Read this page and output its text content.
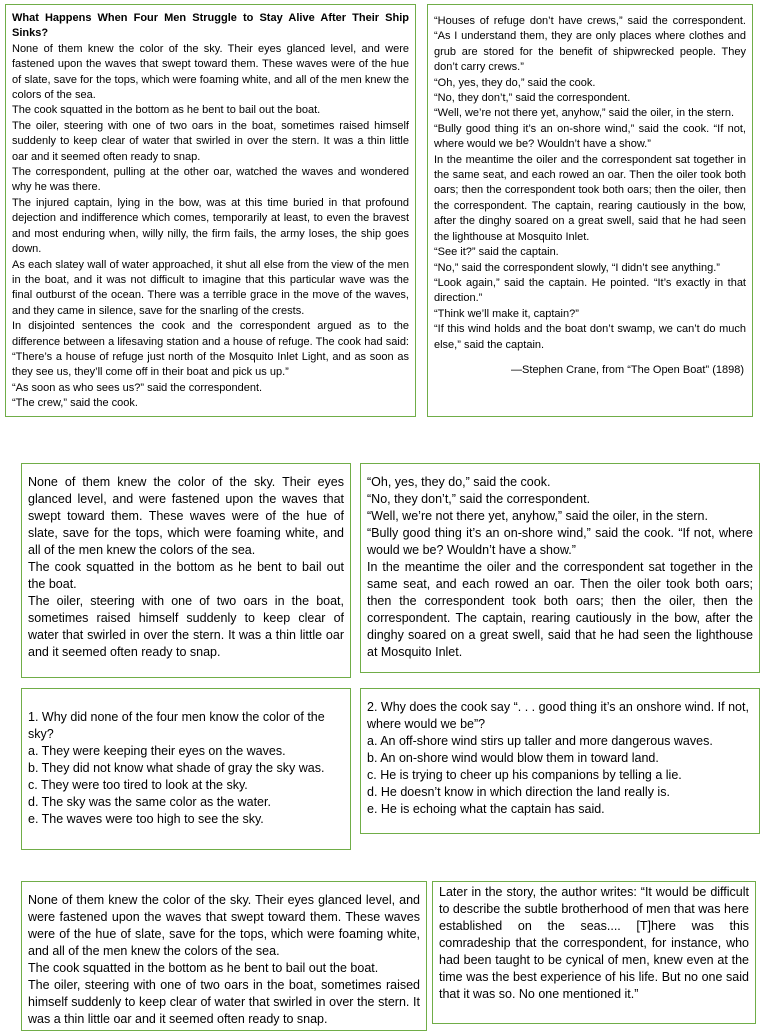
What Happens When Four Men Struggle to Stay Alive After Their Ship Sinks?

None of them knew the color of the sky. Their eyes glanced level, and were fastened upon the waves that swept toward them. These waves were of the hue of slate, save for the tops, which were foaming white, and all of the men knew the colors of the sea.

The cook squatted in the bottom as he bent to bail out the boat.

The oiler, steering with one of two oars in the boat, sometimes raised himself suddenly to keep clear of water that swirled in over the stern. It was a thin little oar and it seemed often ready to snap.

The correspondent, pulling at the other oar, watched the waves and wondered why he was there.

The injured captain, lying in the bow, was at this time buried in that profound dejection and indifference which comes, temporarily at least, to even the bravest and most enduring when, willy nilly, the firm fails, the army loses, the ship goes down.

As each slatey wall of water approached, it shut all else from the view of the men in the boat, and it was not difficult to imagine that this particular wave was the final outburst of the ocean. There was a terrible grace in the move of the waves, and they came in silence, save for the snarling of the crests.

In disjointed sentences the cook and the correspondent argued as to the difference between a lifesaving station and a house of refuge. The cook had said: “There’s a house of refuge just north of the Mosquito Inlet Light, and as soon as they see us, they’ll come off in their boat and pick us up.”

“As soon as who sees us?” said the correspondent.

“The crew,” said the cook.

“Houses of refuge don’t have crews,” said the correspondent. “As I understand them, they are only places where clothes and grub are stored for the benefit of shipwrecked people. They don’t carry crews.”

“Oh, yes, they do,” said the cook.

“No, they don’t,” said the correspondent.

“Well, we’re not there yet, anyhow,” said the oiler, in the stern.

“Bully good thing it’s an on-shore wind,” said the cook. “If not, where would we be? Wouldn’t have a show.”

In the meantime the oiler and the correspondent sat together in the same seat, and each rowed an oar. Then the oiler took both oars; then the correspondent took both oars; then the oiler, then the correspondent. The captain, rearing cautiously in the bow, after the dinghy soared on a great swell, said that he had seen the lighthouse at Mosquito Inlet.

“See it?” said the captain.

“No,” said the correspondent slowly, “I didn’t see anything.”

“Look again,” said the captain. He pointed. “It’s exactly in that direction.”

“Think we’ll make it, captain?”

“If this wind holds and the boat don’t swamp, we can’t do much else,” said the captain.

—Stephen Crane, from “The Open Boat” (1898)

None of them knew the color of the sky. Their eyes glanced level, and were fastened upon the waves that swept toward them. These waves were of the hue of slate, save for the tops, which were foaming white, and all of the men knew the colors of the sea.

The cook squatted in the bottom as he bent to bail out the boat.

The oiler, steering with one of two oars in the boat, sometimes raised himself suddenly to keep clear of water that swirled in over the stern. It was a thin little oar and it seemed often ready to snap.

“Oh, yes, they do,” said the cook.

“No, they don’t,” said the correspondent.

“Well, we’re not there yet, anyhow,” said the oiler, in the stern.

“Bully good thing it’s an on-shore wind,” said the cook. “If not, where would we be? Wouldn’t have a show.”

In the meantime the oiler and the correspondent sat together in the same seat, and each rowed an oar. Then the oiler took both oars; then the correspondent took both oars; then the oiler, then the correspondent. The captain, rearing cautiously in the bow, after the dinghy soared on a great swell, said that he had seen the lighthouse at Mosquito Inlet.

1. Why did none of the four men know the color of the sky?

a. They were keeping their eyes on the waves.

b. They did not know what shade of gray the sky was.

c. They were too tired to look at the sky.

d. The sky was the same color as the water.

e. The waves were too high to see the sky.

2. Why does the cook say “. . . good thing it’s an onshore wind. If not, where would we be”?

a. An off-shore wind stirs up taller and more dangerous waves.

b. An on-shore wind would blow them in toward land.

c. He is trying to cheer up his companions by telling a lie.

d. He doesn’t know in which direction the land really is.

e. He is echoing what the captain has said.

None of them knew the color of the sky. Their eyes glanced level, and were fastened upon the waves that swept toward them. These waves were of the hue of slate, save for the tops, which were foaming white, and all of the men knew the colors of the sea.

The cook squatted in the bottom as he bent to bail out the boat.

The oiler, steering with one of two oars in the boat, sometimes raised himself suddenly to keep clear of water that swirled in over the stern. It was a thin little oar and it seemed often ready to snap.

Later in the story, the author writes: “It would be difficult to describe the subtle brotherhood of men that was here established on the seas.... [T]here was this comradeship that the correspondent, for instance, who had been taught to be cynical of men, knew even at the time was the best experience of his life. But no one said that it was so. No one mentioned it.”
